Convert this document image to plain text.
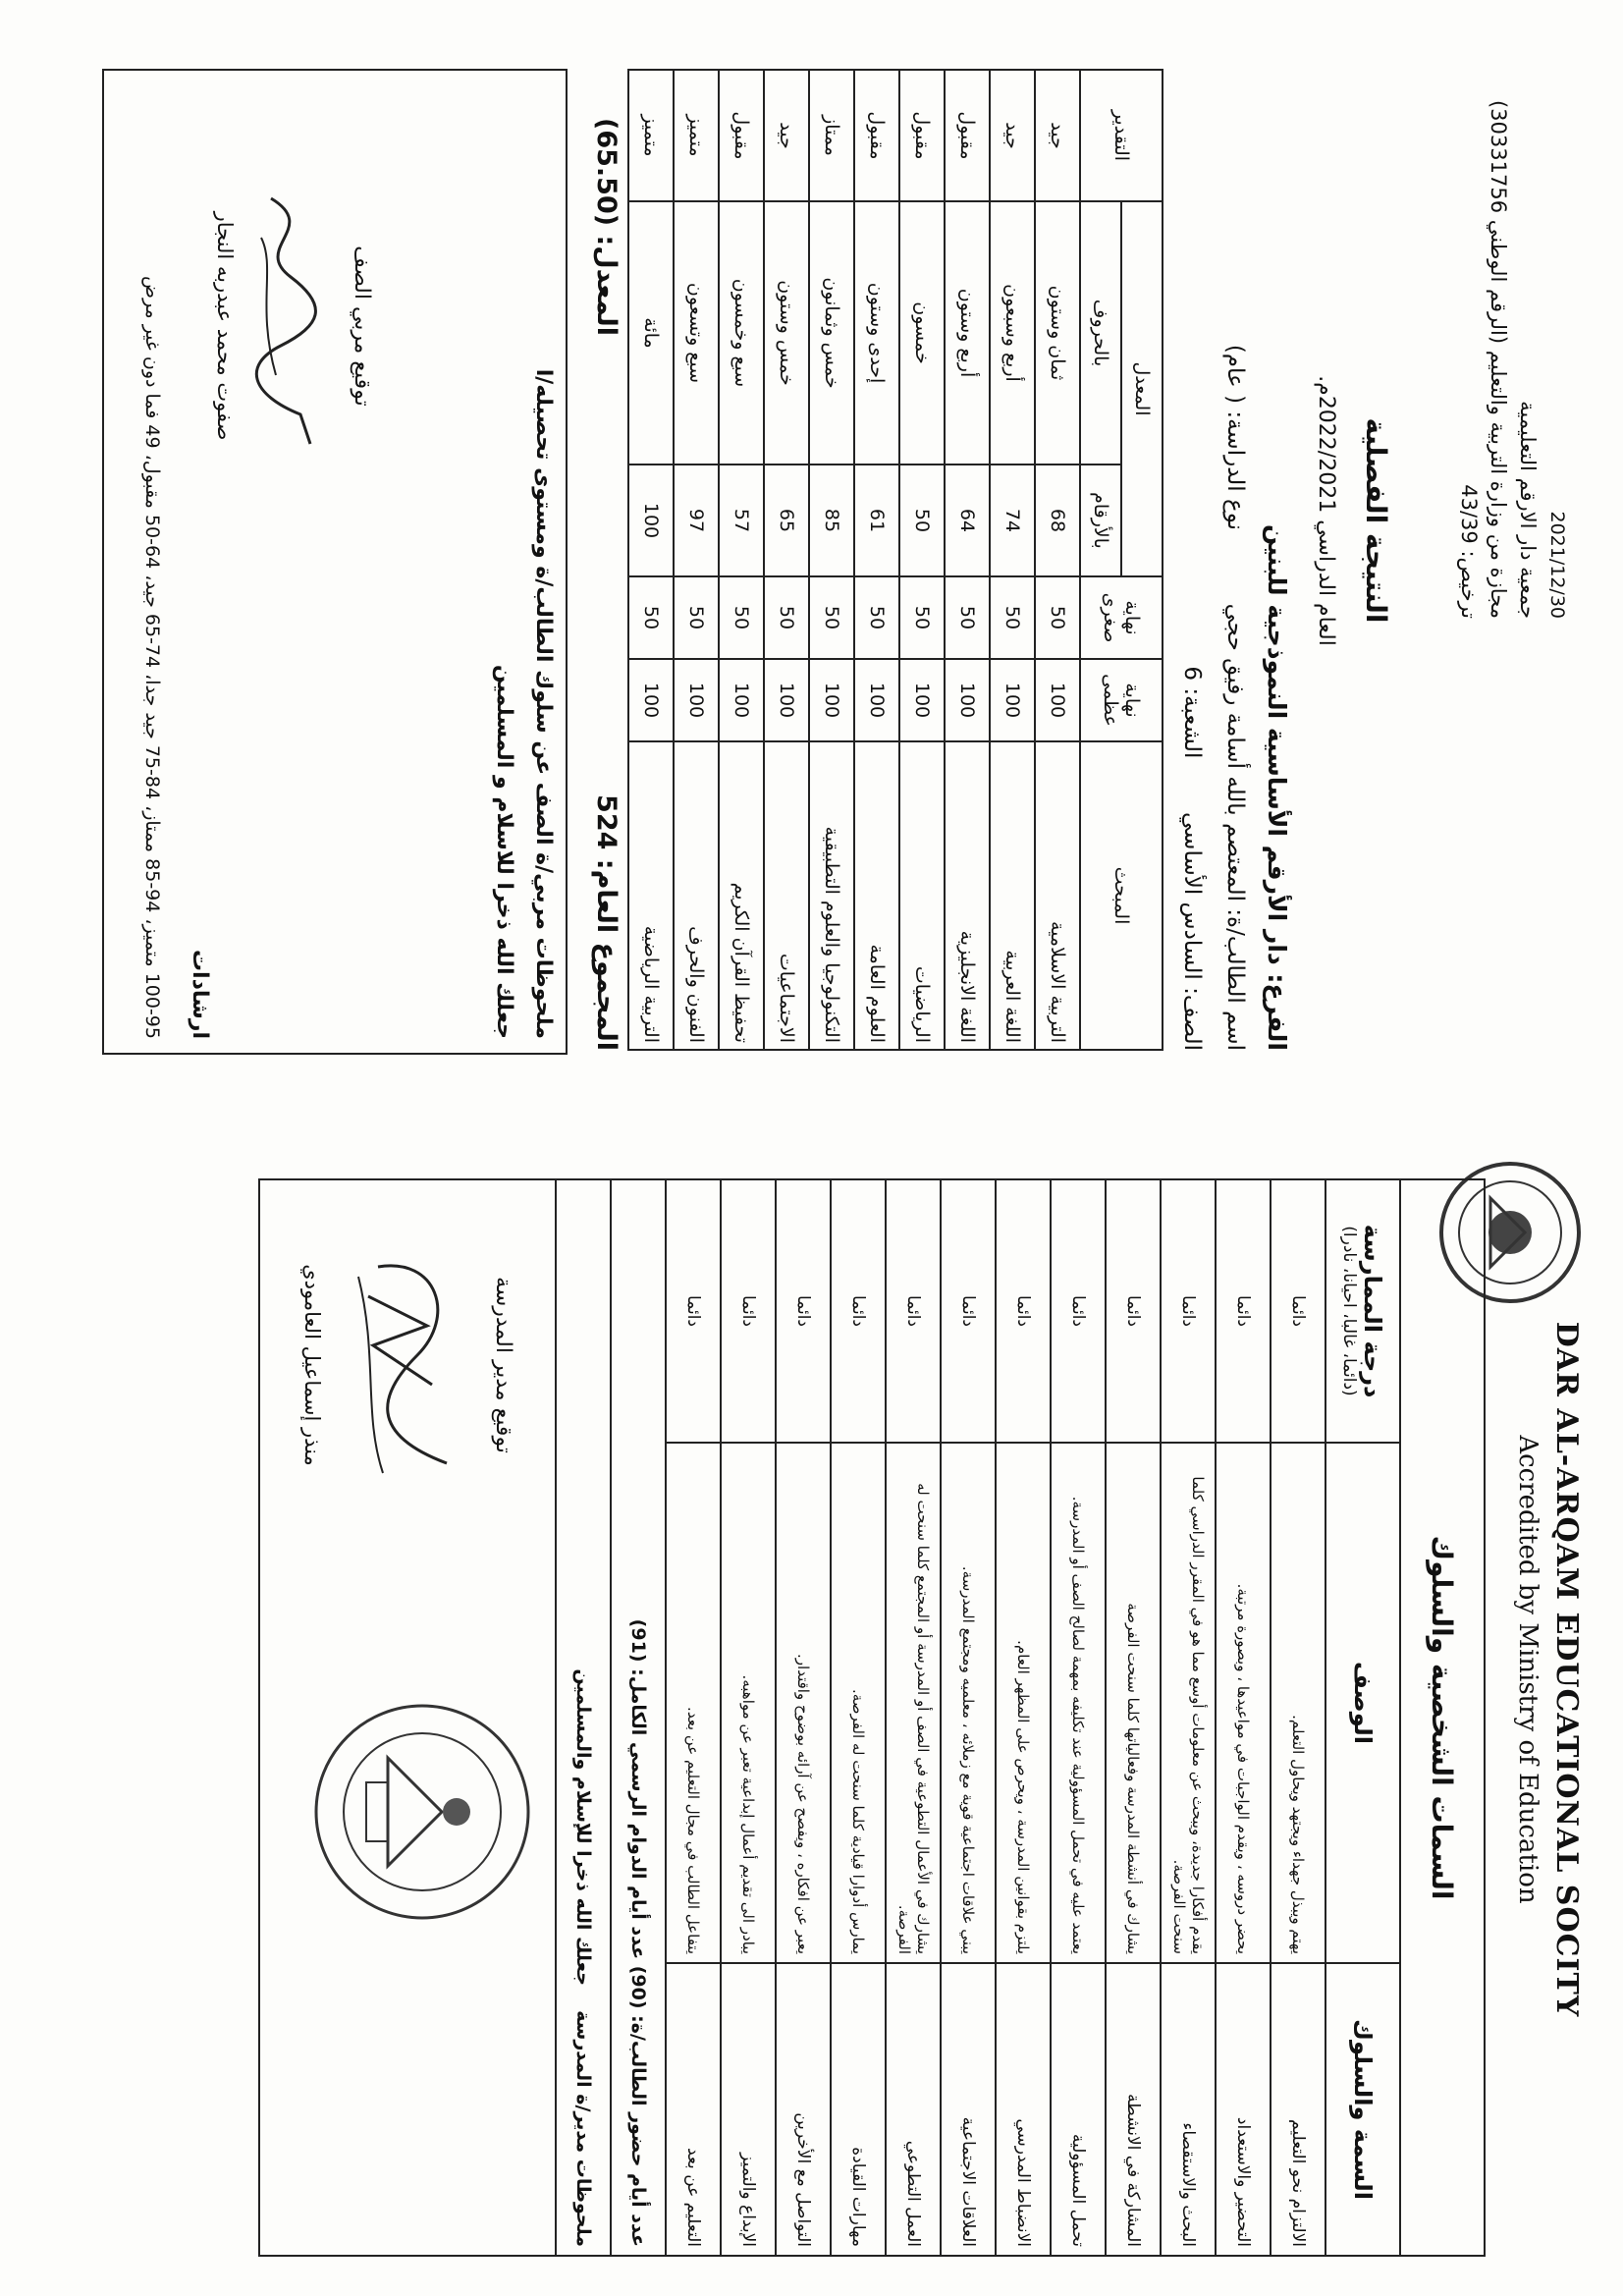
2021/12/30
جمعية دار الارقم التعليمية
مجازة من وزارة التربية والتعليم (الرقم الوطني 30331756)
ترخيص: 43/39
النتيجة الفصلية
العام الدراسي 2022/2021م.
الفرع: دار الأرقم الأساسية النموذجية للبنين
اسم الطالب/ة: المعتصم بالله أسامة رفيق حجي  نوع الدراسة: ( عام)
الصف: السادس الأساسي  الشعبة: 6
المبحث	نهاية عظمى	نهاية صغرى	المعدل		التقدير
			بالأرقام	بالحروف	
التربية الاسلامية	100	50	68	ثمان وستون	جيد
اللغة العربية	100	50	74	أربع وسبعون	جيد
اللغة الانجليزية	100	50	64	أربع وستون	مقبول
الرياضيات	100	50	50	خمسون	مقبول
العلوم العامة	100	50	61	إحدى وستون	مقبول
التكنولوجيا والعلوم التطبيقية	100	50	85	خمس وثمانون	ممتاز
الاجتماعيات	100	50	65	خمس وستون	جيد
تحفيظ القرآن الكريم	100	50	57	سبع وخمسون	مقبول
الفنون والحرف	100	50	97	سبع وتسعون	متميز
التربية الرياضية	100	50	100	مائة	متميز
المجموع العام: 524
المعدل: (65.50)
ملحوظات مربي/ة الصف عن سلوك الطالب/ة ومستوى تحصيله/ا
جعلك الله ذخرا للاسلام و المسلمين
توقيع مربي الصف
صفوت محمد عبدربه النجار
ارشادات
100-95 متميز، 94-85 ممتاز، 84-75 جيد جدا، 74-65 جيد، 64-50 مقبول، 49 فما دون غير مرض
DAR AL-ARQAM EDUCATIONAL SOCITY
Accredited by Ministry of Education
السمات الشخصية والسلوك		
السمة والسلوك	الوصف	درجة الممارسة
(دائما، غالبا، احيانا، نادرا)

الالتزام نحو التعليم	يهتم ويبذل جهداء ويجتهد ويحاول التعلم.	دائما
التحضير والاستعداد	يحضر دروسه ، ويقدم الواجبات في مواعيدها ، وبصورة مرتبة.	دائما
البحث والاستقصاء	يقدم أفكارا جديدة، ويبحث عن معلومات أوسع مما هو في المقرر الدراسي كلما سنحت الفرصة.	دائما
المشاركة في الانشطة	يشارك في أنشطة المدرسة وفعالياتها كلما سنحت الفرصة	دائما
تحمل المسؤولية	يعتمد عليه في تحمل المسؤولية عند تكليفه بمهمة لصالح الصف أو المدرسة.	دائما
الانضباط المدرسي	يلتزم بقوانين المدرسة ، ويحرص على المظهر العام.	دائما
العلاقات الاجتماعية	يبني علاقات اجتماعية قوية مع زملائه ، معلميه ومجتمع المدرسة.	دائما
العمل التطوعي	يشارك في الأعمال التطوعية في الصف أو المدرسة أو المجتمع كلما سنحت له الفرصة.	دائما
مهارات القيادة	يمارس أدوارا قيادية كلما سنحت له الفرصة.	دائما
التواصل مع الأخرين	يعبر عن افكاره ، ويفصح عن آرائه بوضوح واقتدار.	دائما
الإبداع والتميز	يبادر الى تقديم أعمال إبداعية تعبر عن مواهبه.	دائما
التعليم عن بعد	يتفاعل الطالب في مجال التعليم عن بعد.	دائما
عدد أيام حضور الطالب/ة: (90) عدد أيام الدوام الرسمي الكامل: (91)		
ملحوظات مدير/ة المدرسة  جعلك الله ذخرا للإسلام والمسلمين		

توقيع مدير المدرسة
منذر إسماعيل العامودي		
